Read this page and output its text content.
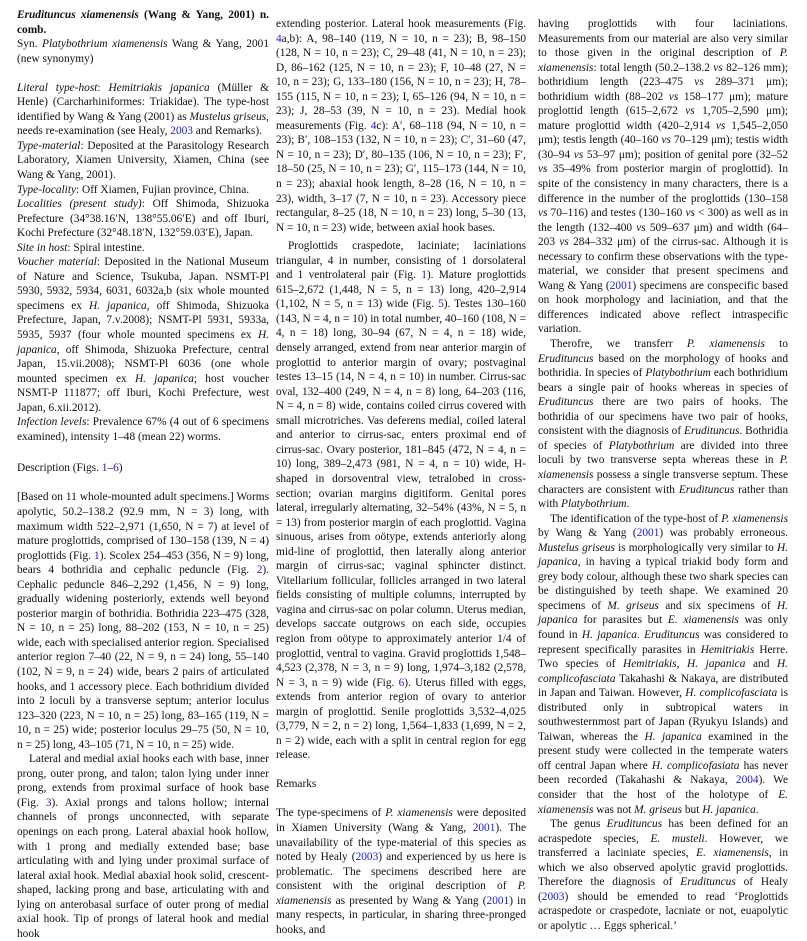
Erudituncus xiamenensis (Wang & Yang, 2001) n. comb.

Syn. Platybothrium xiamenensis Wang & Yang, 2001 (new synonymy)

Literal type-host: Hemitriakis japanica (Müller & Henle) (Carcharhiniformes: Triakidae). The type-host identified by Wang & Yang (2001) as Mustelus griseus, needs re-examination (see Healy, 2003 and Remarks).

Type-material: Deposited at the Parasitology Research Laboratory, Xiamen University, Xiamen, China (see Wang & Yang, 2001).

Type-locality: Off Xiamen, Fujian province, China.

Localities (present study): Off Shimoda, Shizuoka Prefecture (34°38.16′N, 138°55.06′E) and off Iburi, Kochi Prefecture (32°48.18′N, 132°59.03′E), Japan.

Site in host: Spiral intestine.

Voucher material: Deposited in the National Museum of Nature and Science, Tsukuba, Japan. NSMT-Pl 5930, 5932, 5934, 6031, 6032a,b (six whole mounted specimens ex H. japanica, off Shimoda, Shizuoka Prefecture, Japan, 7.v.2008); NSMT-Pl 5931, 5933a, 5935, 5937 (four whole mounted specimens ex H. japanica, off Shimoda, Shizuoka Prefecture, central Japan, 15.vii.2008); NSMT-Pl 6036 (one whole mounted specimen ex H. japanica; host voucher NSMT-P 111877; off Iburi, Kochi Prefecture, west Japan, 6.xii.2012).

Infection levels: Prevalence 67% (4 out of 6 specimens examined), intensity 1–48 (mean 22) worms.

Description (Figs. 1–6)

[Based on 11 whole-mounted adult specimens.] Worms apolytic, 50.2–138.2 (92.9 mm, N = 3) long, with maximum width 522–2,971 (1,650, N = 7) at level of mature proglottids, comprised of 130–158 (139, N = 4) proglottids (Fig. 1). Scolex 254–453 (356, N = 9) long, bears 4 bothridia and cephalic peduncle (Fig. 2). Cephalic peduncle 846–2,292 (1,456, N = 9) long, gradually widening posteriorly, extends well beyond posterior margin of bothridia. Bothridia 223–475 (328, N = 10, n = 25) long, 88–202 (153, N = 10, n = 25) wide, each with specialised anterior region. Specialised anterior region 7–40 (22, N = 9, n = 24) long, 55–140 (102, N = 9, n = 24) wide, bears 2 pairs of articulated hooks, and 1 accessory piece. Each bothridium divided into 2 loculi by a transverse septum; anterior loculus 123–320 (223, N = 10, n = 25) long, 83–165 (119, N = 10, n = 25) wide; posterior loculus 29–75 (50, N = 10, n = 25) long, 43–105 (71, N = 10, n = 25) wide.

Lateral and medial axial hooks each with base, inner prong, outer prong, and talon; talon lying under inner prong, extends from proximal surface of hook base (Fig. 3). Axial prongs and talons hollow; internal channels of prongs unconnected, with separate openings on each prong. Lateral abaxial hook hollow, with 1 prong and medially extended base; base articulating with and lying under proximal surface of lateral axial hook. Medial abaxial hook solid, crescent-shaped, lacking prong and base, articulating with and lying on anterobasal surface of outer prong of medial axial hook. Tip of prongs of lateral hook and medial hook

extending posterior. Lateral hook measurements (Fig. 4a,b): A, 98–140 (119, N = 10, n = 23); B, 98–150 (128, N = 10, n = 23); C, 29–48 (41, N = 10, n = 23); D, 86–162 (125, N = 10, n = 23); F, 10–48 (27, N = 10, n = 23); G, 133–180 (156, N = 10, n = 23); H, 78–155 (115, N = 10, n = 23); I, 65–126 (94, N = 10, n = 23); J, 28–53 (39, N = 10, n = 23). Medial hook measurements (Fig. 4c): A′, 68–118 (94, N = 10, n = 23); B′, 108–153 (132, N = 10, n = 23); C′, 31–60 (47, N = 10, n = 23); D′, 80–135 (106, N = 10, n = 23); F′, 18–50 (25, N = 10, n = 23); G′, 115–173 (144, N = 10, n = 23); abaxial hook length, 8–28 (16, N = 10, n = 23), width, 3–17 (7, N = 10, n = 23). Accessory piece rectangular, 8–25 (18, N = 10, n = 23) long, 5–30 (13, N = 10, n = 23) wide, between axial hook bases.

Proglottids craspedote, laciniate; laciniations triangular, 4 in number, consisting of 1 dorsolateral and 1 ventrolateral pair (Fig. 1). Mature proglottids 615–2,672 (1,448, N = 5, n = 13) long, 420–2,914 (1,102, N = 5, n = 13) wide (Fig. 5). Testes 130–160 (143, N = 4, n = 10) in total number, 40–160 (108, N = 4, n = 18) long, 30–94 (67, N = 4, n = 18) wide, densely arranged, extend from near anterior margin of proglottid to anterior margin of ovary; postvaginal testes 13–15 (14, N = 4, n = 10) in number. Cirrus-sac oval, 132–400 (249, N = 4, n = 8) long, 64–203 (116, N = 4, n = 8) wide, contains coiled cirrus covered with small microtriches. Vas deferens medial, coiled lateral and anterior to cirrus-sac, enters proximal end of cirrus-sac. Ovary posterior, 181–845 (472, N = 4, n = 10) long, 389–2,473 (981, N = 4, n = 10) wide, H-shaped in dorsoventral view, tetralobed in cross-section; ovarian margins digitiform. Genital pores lateral, irregularly alternating, 32–54% (43%, N = 5, n = 13) from posterior margin of each proglottid. Vagina sinuous, arises from oötype, extends anteriorly along mid-line of proglottid, then laterally along anterior margin of cirrus-sac; vaginal sphincter distinct. Vitellarium follicular, follicles arranged in two lateral fields consisting of multiple columns, interrupted by vagina and cirrus-sac on polar column. Uterus median, develops saccate outgrows on each side, occupies region from oötype to approximately anterior 1/4 of proglottid, ventral to vagina. Gravid proglottids 1,548–4,523 (2,378, N = 3, n = 9) long, 1,974–3,182 (2,578, N = 3, n = 9) wide (Fig. 6). Uterus filled with eggs, extends from anterior region of ovary to anterior margin of proglottid. Senile proglottids 3,532–4,025 (3,779, N = 2, n = 2) long, 1,564–1,833 (1,699, N = 2, n = 2) wide, each with a split in central region for egg release.

Remarks

The type-specimens of P. xiamenensis were deposited in Xiamen University (Wang & Yang, 2001). The unavailability of the type-material of this species as noted by Healy (2003) and experienced by us here is problematic. The specimens described here are consistent with the original description of P. xiamenensis as presented by Wang & Yang (2001) in many respects, in particular, in sharing three-pronged hooks, and

having proglottids with four laciniations. Measurements from our material are also very similar to those given in the original description of P. xiamenensis: total length (50.2–138.2 vs 82–126 mm); bothridium length (223–475 vs 289–371 μm); bothridium width (88–202 vs 158–177 μm); mature proglottid length (615–2,672 vs 1,705–2,590 μm); mature proglottid width (420–2,914 vs 1,545–2,050 μm); testis length (40–160 vs 70–129 μm); testis width (30–94 vs 53–97 μm); position of genital pore (32–52 vs 35–49% from posterior margin of proglottid). In spite of the consistency in many characters, there is a difference in the number of the proglottids (130–158 vs 70–116) and testes (130–160 vs < 300) as well as in the length (132–400 vs 509–637 μm) and width (64–203 vs 284–332 μm) of the cirrus-sac. Although it is necessary to confirm these observations with the type-material, we consider that present specimens and Wang & Yang (2001) specimens are conspecific based on hook morphology and laciniation, and that the differences indicated above reflect intraspecific variation.

Therofre, we transferr P. xiamenensis to Erudituncus based on the morphology of hooks and bothridia. In species of Platybothrium each bothridium bears a single pair of hooks whereas in species of Erudituncus there are two pairs of hooks. The bothridia of our specimens have two pair of hooks, consistent with the diagnosis of Erudituncus. Bothridia of species of Platybothrium are divided into three loculi by two transverse septa whereas these in P. xiamenensis possess a single transverse septum. These characters are consistent with Erudituncus rather than with Platybothrium.

The identification of the type-host of P. xiamenensis by Wang & Yang (2001) was probably erroneous. Mustelus griseus is morphologically very similar to H. japanica, in having a typical triakid body form and grey body colour, although these two shark species can be distinguished by teeth shape. We examined 20 specimens of M. griseus and six specimens of H. japanica for parasites but E. xiamenensis was only found in H. japanica. Erudituncus was considered to represent specifically parasites in Hemitriakis Herre. Two species of Hemitriakis, H. japanica and H. complicofasciata Takahashi & Nakaya, are distributed in Japan and Taiwan. However, H. complicofasciata is distributed only in subtropical waters in southwesternmost part of Japan (Ryukyu Islands) and Taiwan, whereas the H. japanica examined in the present study were collected in the temperate waters off central Japan where H. complicofasiata has never been recorded (Takahashi & Nakaya, 2004). We consider that the host of the holotype of E. xiamenensis was not M. griseus but H. japanica.

The genus Erudituncus has been defined for an acraspedote species, E. musteli. However, we transferred a laciniate species, E. xiamenensis, in which we also observed apolytic gravid proglottids. Therefore the diagnosis of Erudituncus of Healy (2003) should be emended to read ‘Proglottids acraspedote or craspedote, lacniate or not, euapolytic or apolytic … Eggs spherical.’
